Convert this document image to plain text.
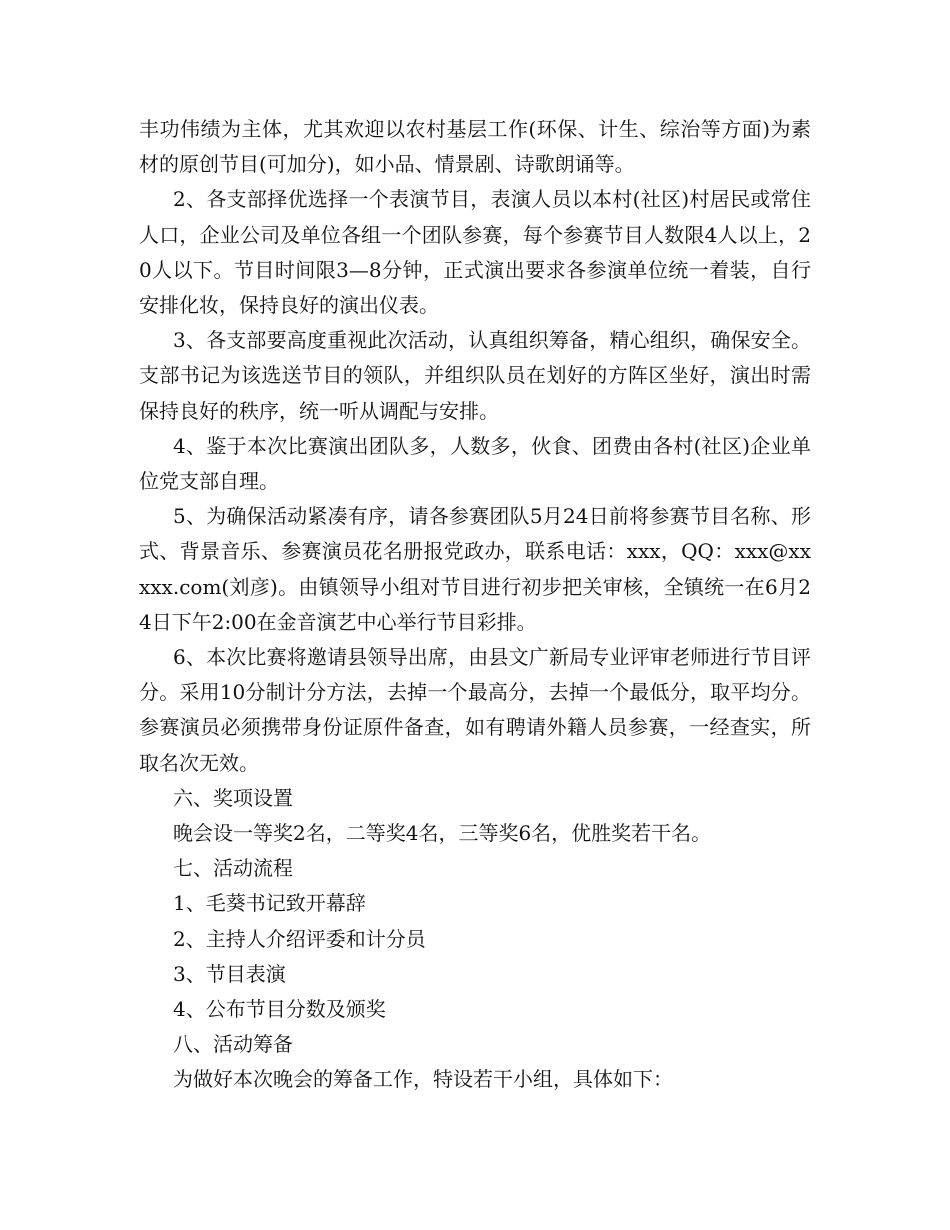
丰功伟绩为主体，尤其欢迎以农村基层工作(环保、计生、综治等方面)为素材的原创节目(可加分)，如小品、情景剧、诗歌朗诵等。

2、各支部择优选择一个表演节目，表演人员以本村(社区)村居民或常住人口，企业公司及单位各组一个团队参赛，每个参赛节目人数限4人以上，20人以下。节目时间限3—8分钟，正式演出要求各参演单位统一着装，自行安排化妆，保持良好的演出仪表。

3、各支部要高度重视此次活动，认真组织筹备，精心组织，确保安全。支部书记为该选送节目的领队，并组织队员在划好的方阵区坐好，演出时需保持良好的秩序，统一听从调配与安排。

4、鉴于本次比赛演出团队多，人数多，伙食、团费由各村(社区)企业单位党支部自理。

5、为确保活动紧凑有序，请各参赛团队5月24日前将参赛节目名称、形式、背景音乐、参赛演员花名册报党政办，联系电话：xxx，QQ：xxx@xxxxx.com(刘彦)。由镇领导小组对节目进行初步把关审核，全镇统一在6月24日下午2:00在金音演艺中心举行节目彩排。

6、本次比赛将邀请县领导出席，由县文广新局专业评审老师进行节目评分。采用10分制计分方法，去掉一个最高分，去掉一个最低分，取平均分。参赛演员必须携带身份证原件备查，如有聘请外籍人员参赛，一经查实，所取名次无效。

六、奖项设置

晚会设一等奖2名，二等奖4名，三等奖6名，优胜奖若干名。

七、活动流程

1、毛葵书记致开幕辞

2、主持人介绍评委和计分员

3、节目表演

4、公布节目分数及颁奖

八、活动筹备

为做好本次晚会的筹备工作，特设若干小组，具体如下：
